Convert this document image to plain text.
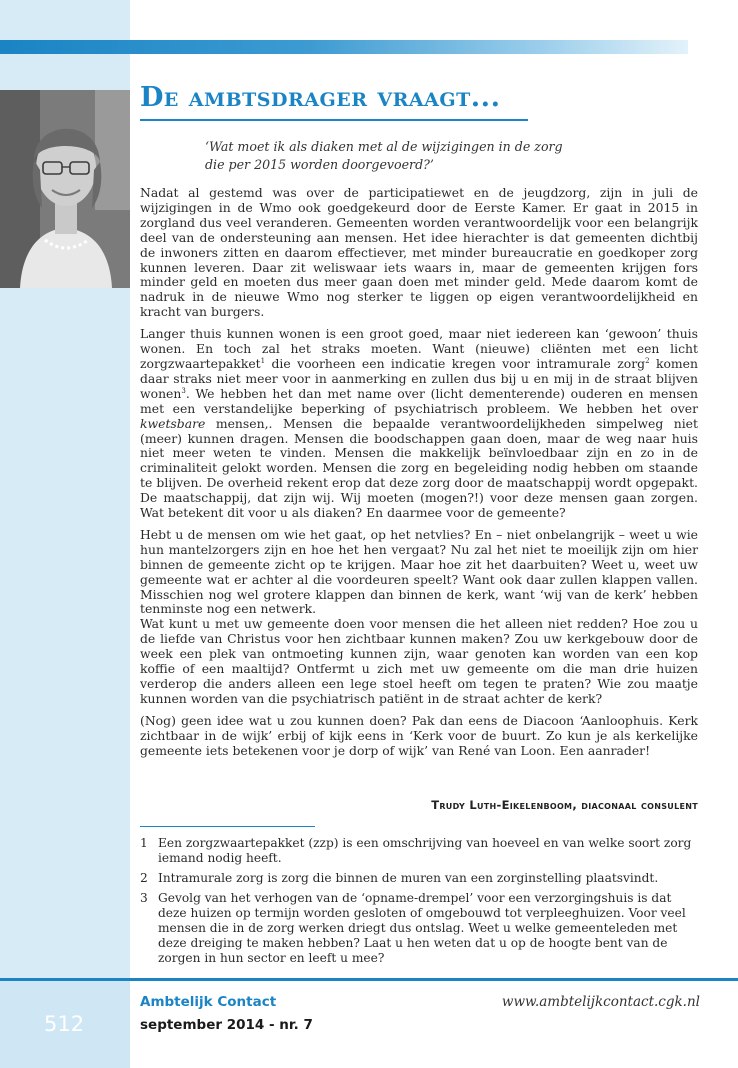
De ambtsdrager vraagt...

‘Wat moet ik als diaken met al de wijzigingen in de zorg
die per 2015 worden doorgevoerd?’

Nadat al gestemd was over de participatiewet en de jeugdzorg, zijn in juli de wijzigingen in de Wmo ook goedgekeurd door de Eerste Kamer. Er gaat in 2015 in zorgland dus veel veranderen. Gemeenten worden verantwoordelijk voor een belangrijk deel van de ondersteuning aan mensen. Het idee hierachter is dat gemeenten dichtbij de inwoners zitten en daarom effectiever, met minder bureaucratie en goedkoper zorg kunnen leveren. Daar zit weliswaar iets waars in, maar de gemeenten krijgen fors minder geld en moeten dus meer gaan doen met minder geld. Mede daarom komt de nadruk in de nieuwe Wmo nog sterker te liggen op eigen verantwoordelijkheid en kracht van burgers.

Langer thuis kunnen wonen is een groot goed, maar niet iedereen kan ‘gewoon’ thuis wonen. En toch zal het straks moeten. Want (nieuwe) cliënten met een licht zorgzwaartepakket$^1$ die voorheen een indicatie kregen voor intramurale zorg$^2$ komen daar straks niet meer voor in aanmerking en zullen dus bij u en mij in de straat blijven wonen$^3$. We hebben het dan met name over (licht dementerende) ouderen en mensen met een verstandelijke beperking of psychiatrisch probleem. We hebben het over kwetsbare mensen,. Mensen die bepaalde verantwoordelijkheden simpelweg niet (meer) kunnen dragen. Mensen die boodschappen gaan doen, maar de weg naar huis niet meer weten te vinden. Mensen die makkelijk beïnvloedbaar zijn en zo in de criminaliteit gelokt worden. Mensen die zorg en begeleiding nodig hebben om staande te blijven. De overheid rekent erop dat deze zorg door de maatschappij wordt opgepakt. De maatschappij, dat zijn wij. Wij moeten (mogen?!) voor deze mensen gaan zorgen. Wat betekent dit voor u als diaken? En daarmee voor de gemeente?

Hebt u de mensen om wie het gaat, op het netvlies? En – niet onbelangrijk – weet u wie hun mantelzorgers zijn en hoe het hen vergaat? Nu zal het niet te moeilijk zijn om hier binnen de gemeente zicht op te krijgen. Maar hoe zit het daarbuiten? Weet u, weet uw gemeente wat er achter al die voordeuren speelt? Want ook daar zullen klappen vallen. Misschien nog wel grotere klappen dan binnen de kerk, want ‘wij van de kerk’ hebben tenminste nog een netwerk.

Wat kunt u met uw gemeente doen voor mensen die het alleen niet redden? Hoe zou u de liefde van Christus voor hen zichtbaar kunnen maken? Zou uw kerkgebouw door de week een plek van ontmoeting kunnen zijn, waar genoten kan worden van een kop koffie of een maaltijd? Ontfermt u zich met uw gemeente om die man drie huizen verderop die anders alleen een lege stoel heeft om tegen te praten? Wie zou maatje kunnen worden van die psychiatrisch patiënt in de straat achter de kerk?

(Nog) geen idee wat u zou kunnen doen? Pak dan eens de Diacoon ‘Aanloophuis. Kerk zichtbaar in de wijk’ erbij of kijk eens in ‘Kerk voor de buurt. Zo kun je als kerkelijke gemeente iets betekenen voor je dorp of wijk’ van René van Loon. Een aanrader!

Trudy Luth-Eikelenboom, diaconaal consulent
1 Een zorgzwaartepakket (zzp) is een omschrijving van hoeveel en van welke soort zorg iemand nodig heeft.
2 Intramurale zorg is zorg die binnen de muren van een zorginstelling plaatsvindt.
3 Gevolg van het verhogen van de ‘opname-drempel’ voor een verzorgingshuis is dat deze huizen op termijn worden gesloten of omgebouwd tot verpleeghuizen. Voor veel mensen die in de zorg werken driegt dus ontslag. Weet u welke gemeenteleden met deze dreiging te maken hebben? Laat u hen weten dat u op de hoogte bent van de zorgen in hun sector en leeft u mee?
512
Ambtelijk Contact
september 2014 - nr. 7
www.ambtelijkcontact.cgk.nl
